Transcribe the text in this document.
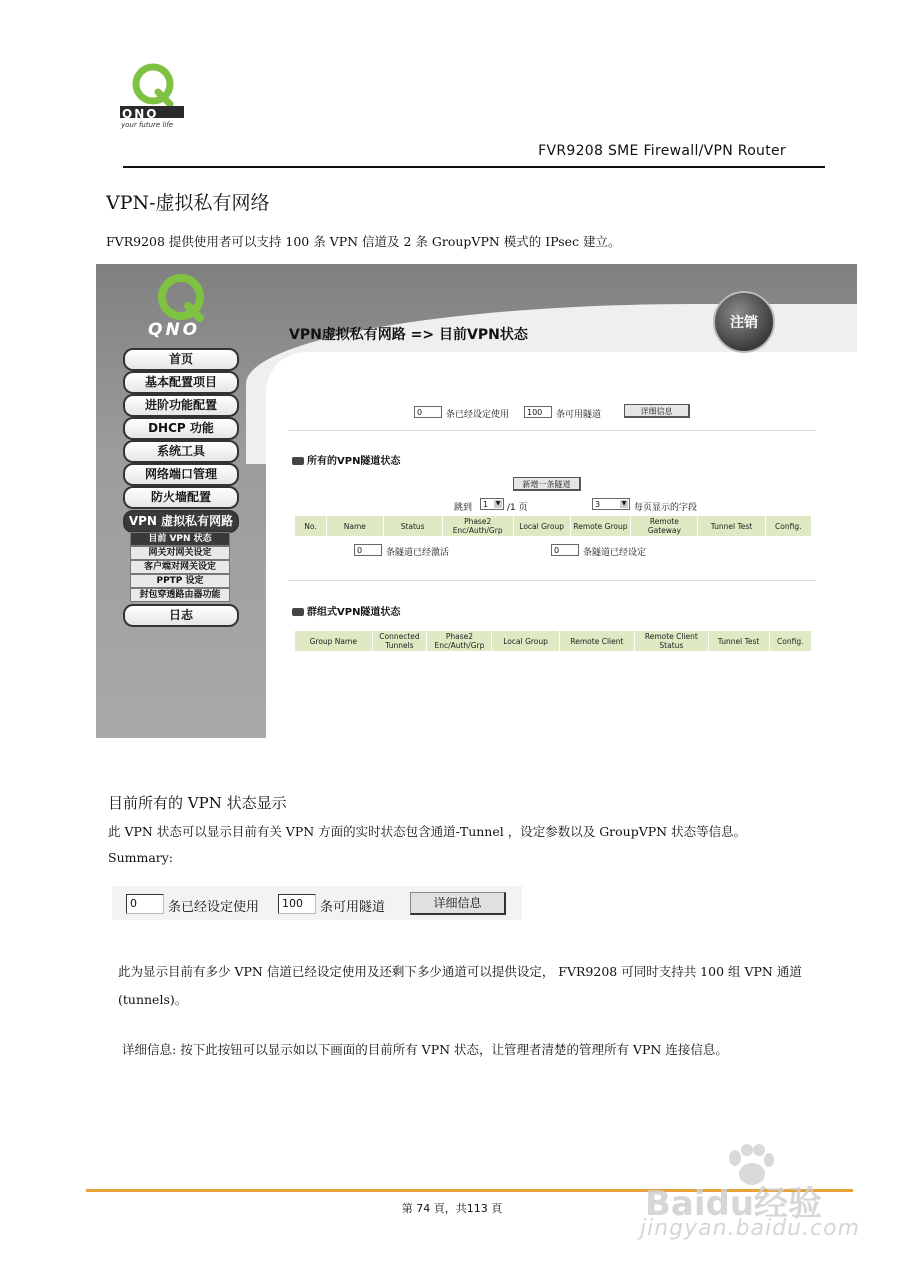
QNO
your future life
FVR9208 SME Firewall/VPN Router
VPN-虚拟私有网络
FVR9208 提供使用者可以支持 100 条 VPN 信道及 2 条 GroupVPN 模式的 IPsec 建立。
QNO	注销
VPN虚拟私有网路 => 目前VPN状态
首页
基本配置项目
进阶功能配置
DHCP 功能
系统工具
网络端口管理
防火墙配置
VPN 虚拟私有网路
目前 VPN 状态
网关对网关设定
客户端对网关设定
PPTP 设定
封包穿透路由器功能
日志
0	条已经设定使用	100	条可用隧道	详细信息
所有的VPN隧道状态
新增一条隧道
跳到	1 ▼ /1 页	3	▼ 每页显示的字段
No.	Name	Status	Phase2 Enc/Auth/Grp	Local Group	Remote Group	Remote Gateway	Tunnel Test	Config.
0	条隧道已经激活	0	条隧道已经设定
群组式VPN隧道状态
Group Name	Connected Tunnels	Phase2 Enc/Auth/Grp	Local Group	Remote Client	Remote Client Status	Tunnel Test	Config.
目前所有的 VPN 状态显示
此 VPN 状态可以显示目前有关 VPN 方面的实时状态包含通道-Tunnel ，设定参数以及 GroupVPN 状态等信息。
Summary:
0	条已经设定使用	100	条可用隧道	详细信息
此为显示目前有多少 VPN 信道已经设定使用及还剩下多少通道可以提供设定， FVR9208 可同时支持共 100 组 VPN 通道(tunnels)。
详细信息: 按下此按钮可以显示如以下画面的目前所有 VPN 状态，让管理者清楚的管理所有 VPN 连接信息。
第 74 頁，共113 頁	Baidu经验
jingyan.baidu.com
